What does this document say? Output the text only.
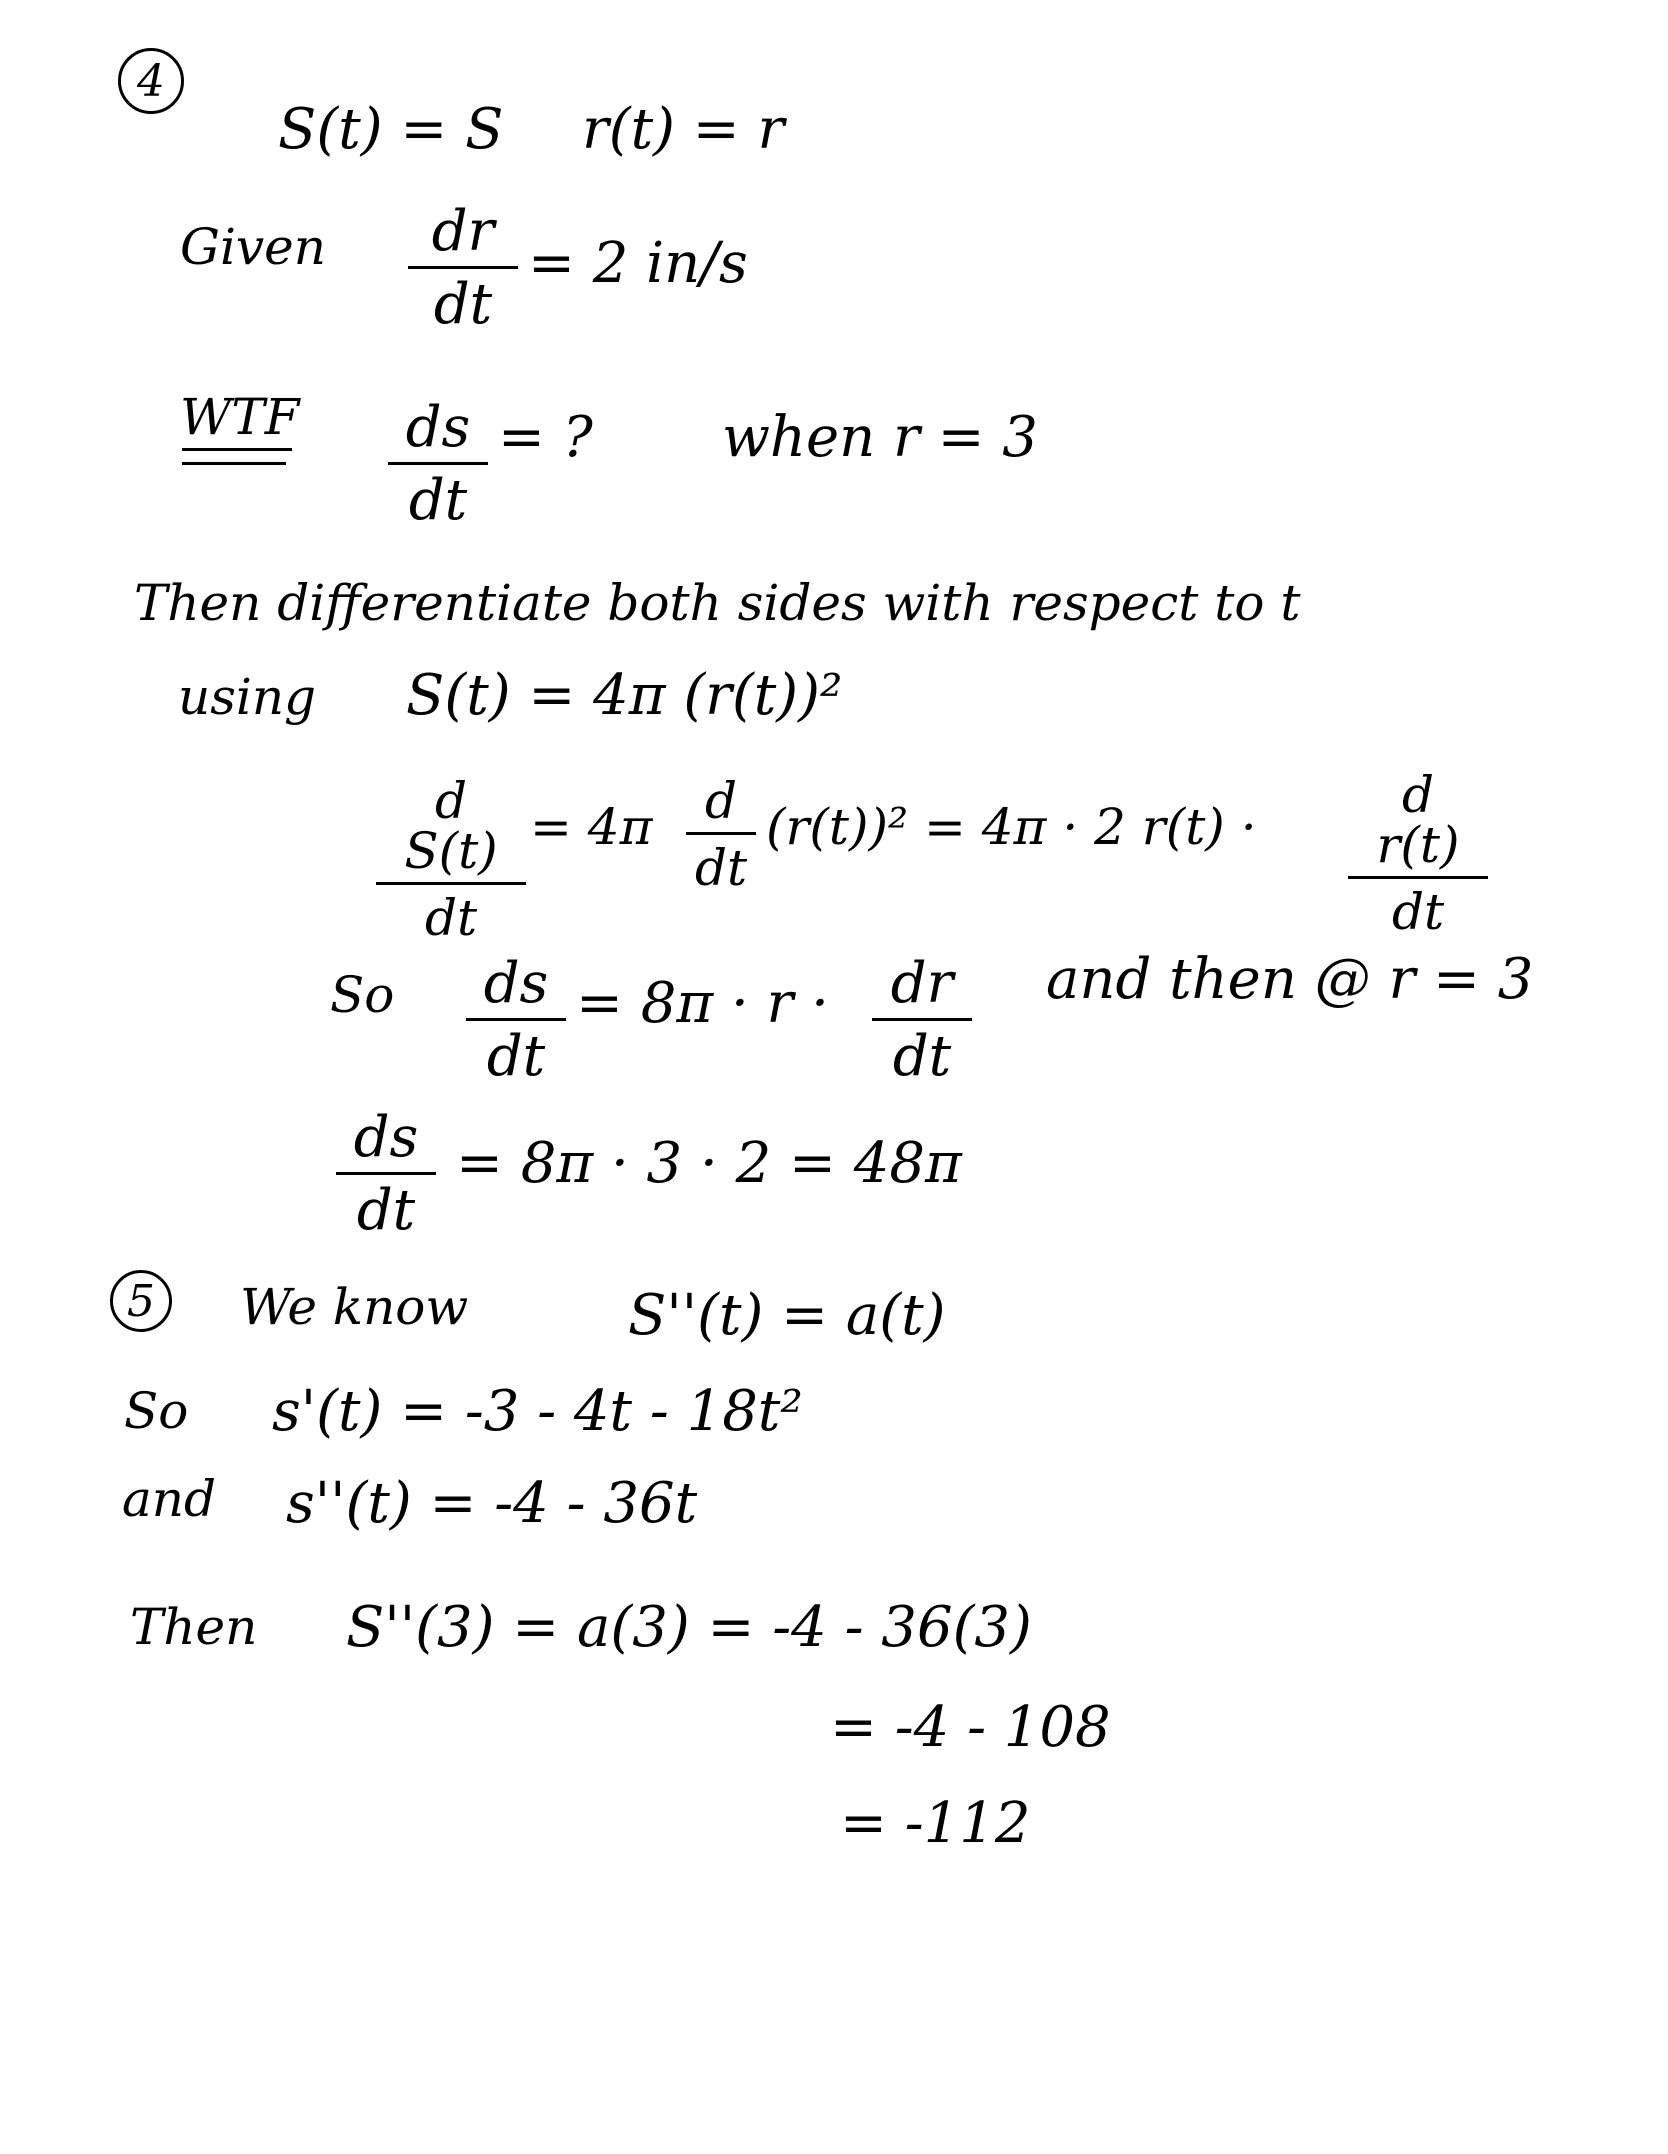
4
S(t) = S r(t) = r
Given	dr
dt
= 2 in/s
WTF	ds
dt
= ? when r = 3
Then differentiate both sides with respect to t
using S(t) = 4π (r(t))²
d S(t)
dt
= 4π	d
dt
(r(t))² = 4π · 2 r(t) ·
d r(t)
dt
So	ds
dt
= 8π · r ·	dr
dt
and then @ r = 3
ds
dt
= 8π · 3 · 2 = 48π
5 We know	S''(t) = a(t)
So s'(t) = -3 - 4t - 18t²
and s''(t) = -4 - 36t
Then S''(3) = a(3) = -4 - 36(3)
= -4 - 108
= -112
